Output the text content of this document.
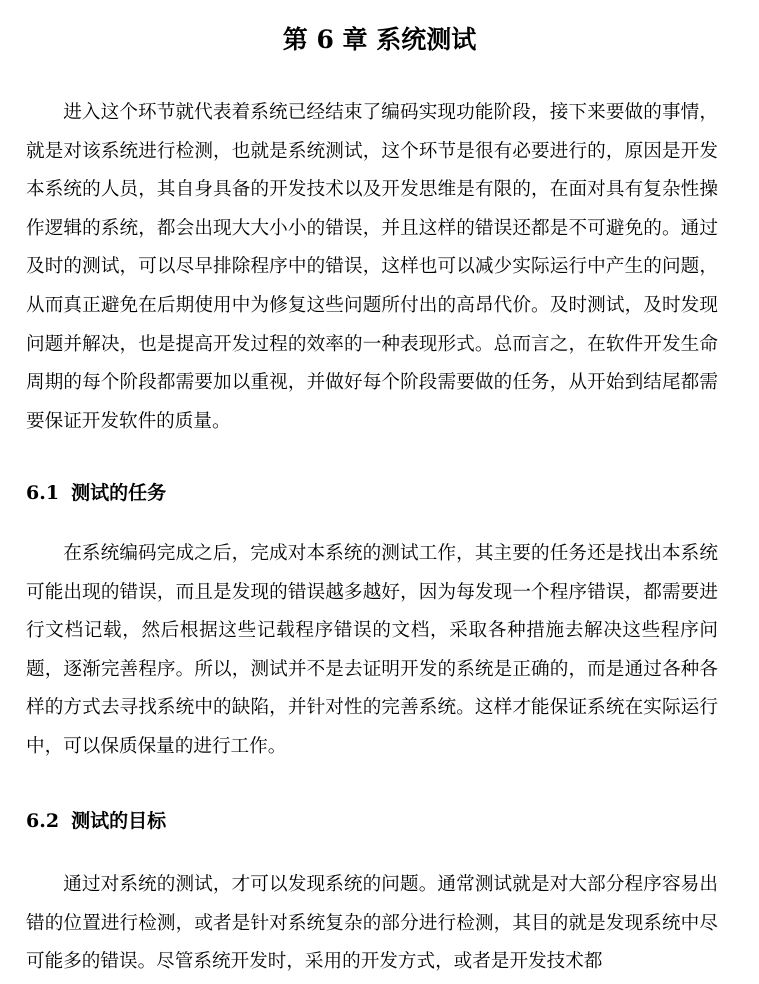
第 6 章 系统测试

进入这个环节就代表着系统已经结束了编码实现功能阶段，接下来要做的事情，就是对该系统进行检测，也就是系统测试，这个环节是很有必要进行的，原因是开发本系统的人员，其自身具备的开发技术以及开发思维是有限的，在面对具有复杂性操作逻辑的系统，都会出现大大小小的错误，并且这样的错误还都是不可避免的。通过及时的测试，可以尽早排除程序中的错误，这样也可以减少实际运行中产生的问题，从而真正避免在后期使用中为修复这些问题所付出的高昂代价。及时测试，及时发现问题并解决，也是提高开发过程的效率的一种表现形式。总而言之，在软件开发生命周期的每个阶段都需要加以重视，并做好每个阶段需要做的任务，从开始到结尾都需要保证开发软件的质量。

6.1 测试的任务

在系统编码完成之后，完成对本系统的测试工作，其主要的任务还是找出本系统可能出现的错误，而且是发现的错误越多越好，因为每发现一个程序错误，都需要进行文档记载，然后根据这些记载程序错误的文档，采取各种措施去解决这些程序问题，逐渐完善程序。所以，测试并不是去证明开发的系统是正确的，而是通过各种各样的方式去寻找系统中的缺陷，并针对性的完善系统。这样才能保证系统在实际运行中，可以保质保量的进行工作。

6.2 测试的目标

通过对系统的测试，才可以发现系统的问题。通常测试就是对大部分程序容易出错的位置进行检测，或者是针对系统复杂的部分进行检测，其目的就是发现系统中尽可能多的错误。尽管系统开发时，采用的开发方式，或者是开发技术都
